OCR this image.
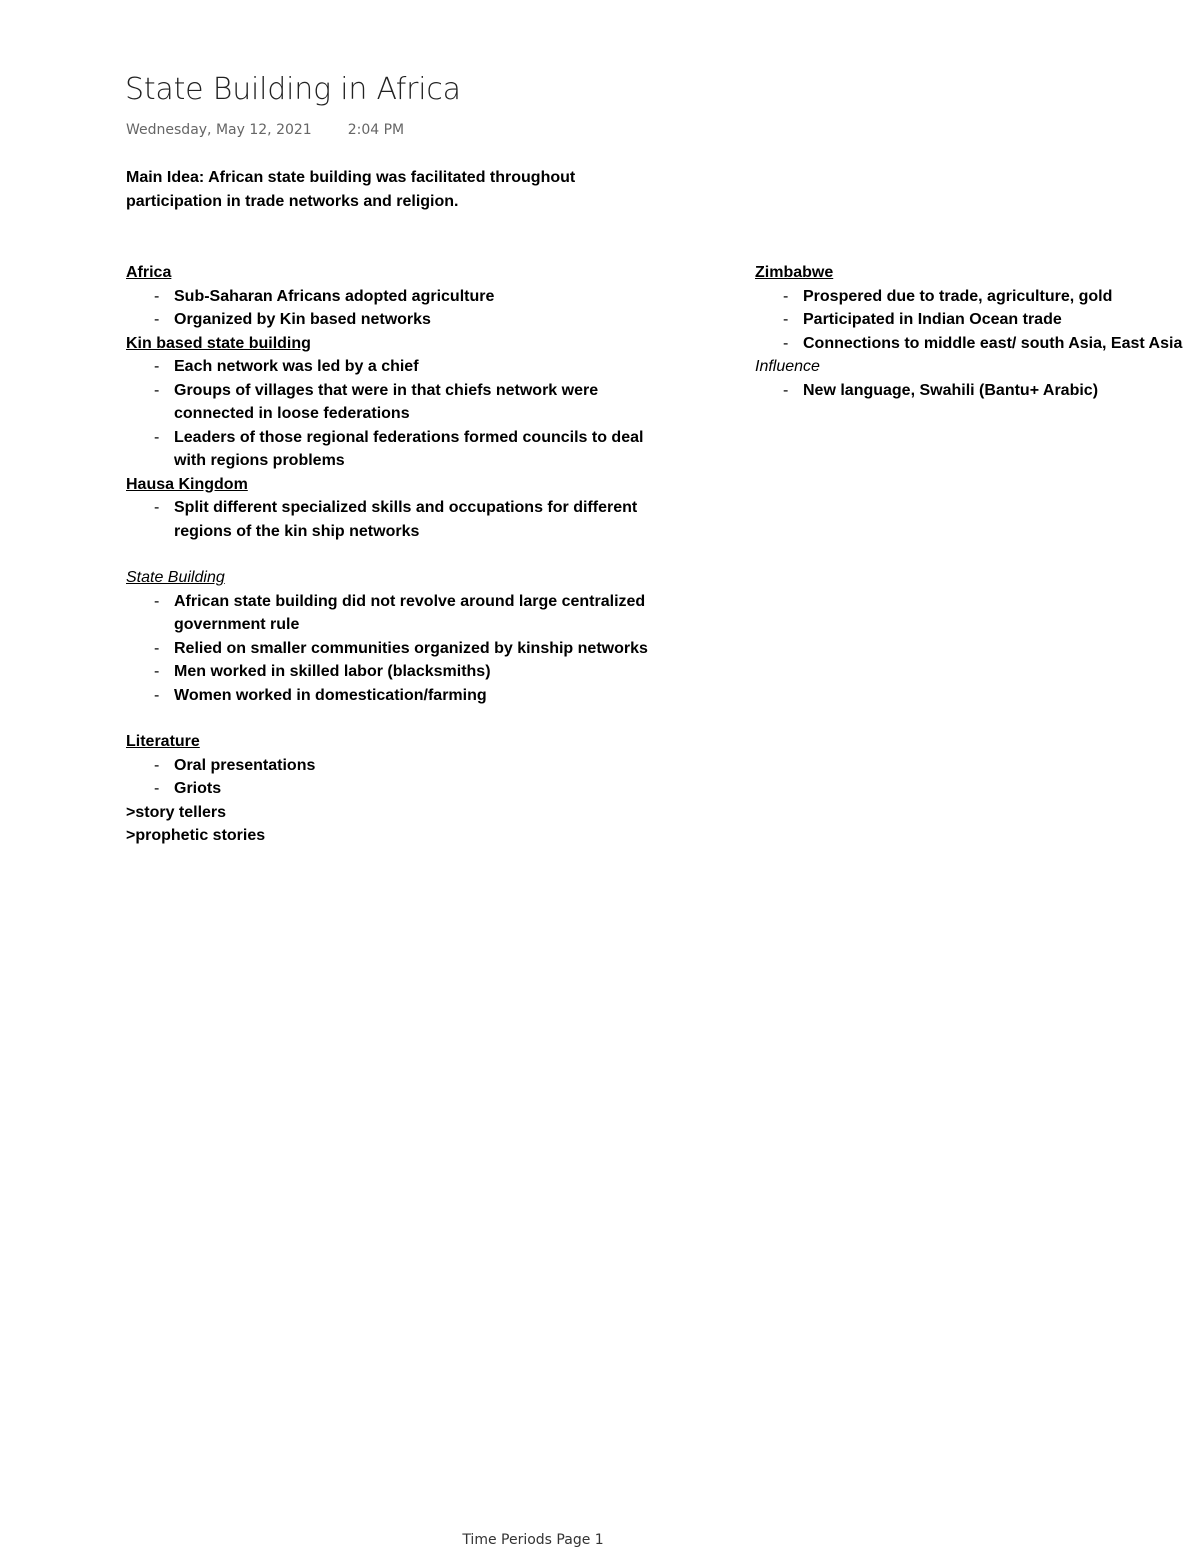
State Building in Africa
Wednesday, May 12, 2021	2:04 PM
Main Idea: African state building was facilitated throughout participation in trade networks and religion.
Africa
- Sub-Saharan Africans adopted agriculture
- Organized by Kin based networks
Kin based state building
- Each network was led by a chief
- Groups of villages that were in that chiefs network were connected in loose federations
- Leaders of those regional federations formed councils to deal with regions problems
Hausa Kingdom
- Split different specialized skills and occupations for different regions of the kin ship networks
State Building
- African state building did not revolve around large centralized government rule
- Relied on smaller communities organized by kinship networks
- Men worked in skilled labor (blacksmiths)
- Women worked in domestication/farming
Literature
- Oral presentations
- Griots
>story tellers
>prophetic stories
Zimbabwe
- Prospered due to trade, agriculture, gold
- Participated in Indian Ocean trade
- Connections to middle east/ south Asia, East Asia
Influence
- New language, Swahili (Bantu+ Arabic)
Time Periods Page 1
